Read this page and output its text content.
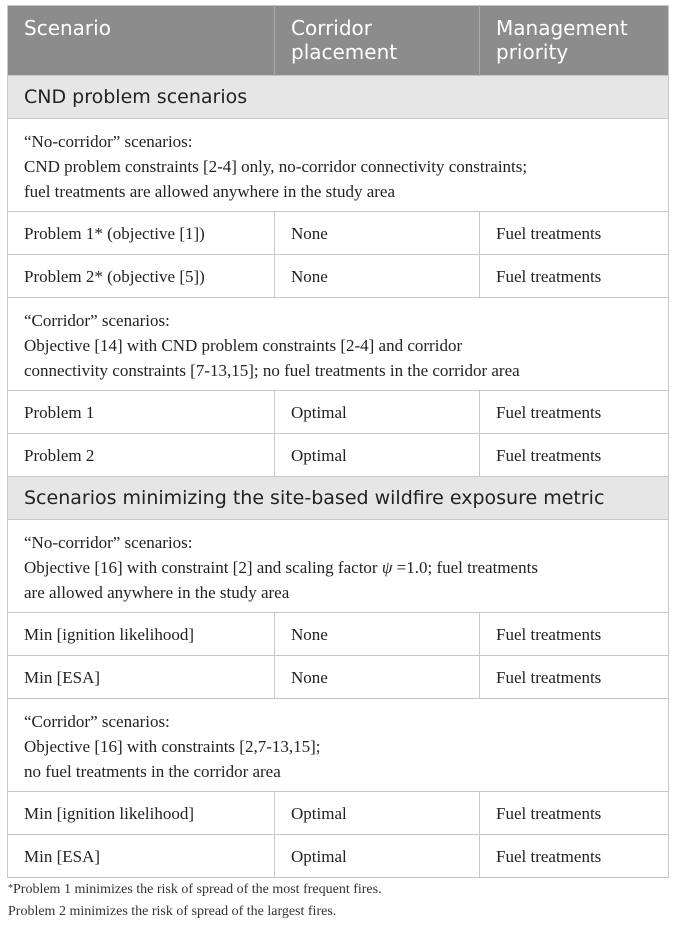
Scenario	Corridor placement	Management priority
CND problem scenarios		

“No-corridor” scenarios:
CND problem constraints [2-4] only, no-corridor connectivity constraints;
fuel treatments are allowed anywhere in the study area		

Problem 1* (objective [1])	None	Fuel treatments
Problem 2* (objective [5])	None	Fuel treatments

“Corridor” scenarios:
Objective [14] with CND problem constraints [2-4] and corridor
connectivity constraints [7-13,15]; no fuel treatments in the corridor area		

Problem 1	Optimal	Fuel treatments
Problem 2	Optimal	Fuel treatments
Scenarios minimizing the site-based wildfire exposure metric		

“No-corridor” scenarios:
Objective [16] with constraint [2] and scaling factor ψ =1.0; fuel treatments
are allowed anywhere in the study area		

Min [ignition likelihood]	None	Fuel treatments
Min [ESA]	None	Fuel treatments

“Corridor” scenarios:
Objective [16] with constraints [2,7-13,15];
no fuel treatments in the corridor area		

Min [ignition likelihood]	Optimal	Fuel treatments
Min [ESA]	Optimal	Fuel treatments
*Problem 1 minimizes the risk of spread of the most frequent fires.
Problem 2 minimizes the risk of spread of the largest fires.
